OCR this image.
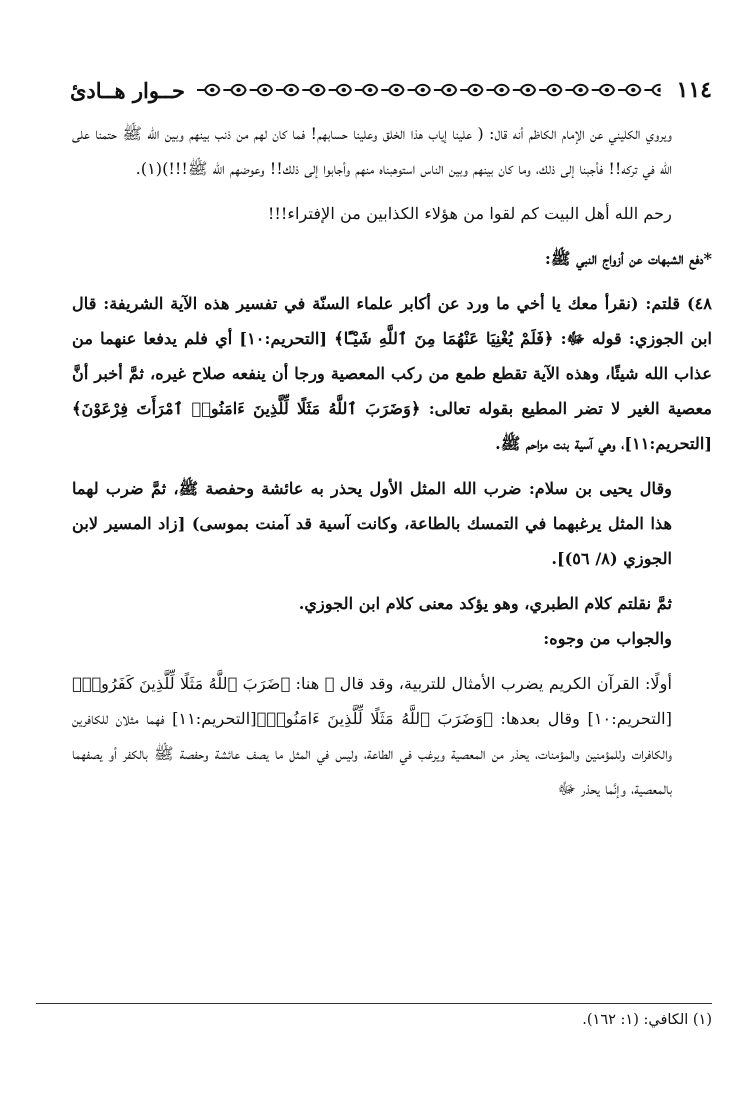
١١٤
حــوار هــادئ
ويروي الكليني عن الإمام الكاظم أنه قال: ( علينا إياب هذا الخلق وعلينا حسابهم! فما كان لهم من ذنب بينهم وبين الله ﷺ حتمنا على الله في تركه!! فأجبنا إلى ذلك، وما كان بينهم وبين الناس استوهبناه منهم وأجابوا إلى ذلك!! وعوضهم الله ﷺ!!!)(١).
رحم الله أهل البيت كم لقوا من هؤلاء الكذابين من الإفتراء!!!
*دفع الشبهات عن أزواج النبي ﷺ:
٤٨) قلتم: (نقرأ معك يا أخي ما ورد عن أكابر علماء السنّة في تفسير هذه الآية الشريفة: قال ابن الجوزي: قوله ﷻ: ﴿فَلَمْ يُغْنِيَا عَنْهُمَا مِنَ ٱللَّهِ شَيْـًٔا﴾ [التحريم:١٠] أي فلم يدفعا عنهما من عذاب الله شيئًا، وهذه الآية تقطع طمع من ركب المعصية ورجا أن ينفعه صلاح غيره، ثمَّ أخبر أنَّ معصية الغير لا تضر المطيع بقوله تعالى: ﴿وَضَرَبَ ٱللَّهُ مَثَلًا لِّلَّذِينَ ءَامَنُوا۟ ٱمْرَأَتَ فِرْعَوْنَ﴾ [التحريم:١١]، وهي آسية بنت مزاحم ﷺ.
وقال يحيى بن سلام: ضرب الله المثل الأول يحذر به عائشة وحفصة ﷺ، ثمَّ ضرب لهما هذا المثل يرغبهما في التمسك بالطاعة، وكانت آسية قد آمنت بموسى) [زاد المسير لابن الجوزي (٨/ ٥٦)].
ثمَّ نقلتم كلام الطبري، وهو يؤكد معنى كلام ابن الجوزي.
والجواب من وجوه:
أولًا: القرآن الكريم يضرب الأمثال للتربية، وقد قال ﷻ هنا: ﴿ضَرَبَ ٱللَّهُ مَثَلًا لِّلَّذِينَ كَفَرُوا۟﴾[التحريم:١٠] وقال بعدها: ﴿وَضَرَبَ ٱللَّهُ مَثَلًا لِّلَّذِينَ ءَامَنُوا۟﴾[التحريم:١١] فهما مثلان للكافرين والكافرات وللمؤمنين والمؤمنات، يحذر من المعصية ويرغب في الطاعة، وليس في المثل ما يصف عائشة وحفصة ﷺ بالكفر أو يصفهما بالمعصية، وإنَّما يحذر ﷻ
(١) الكافي: (١: ١٦٢).
